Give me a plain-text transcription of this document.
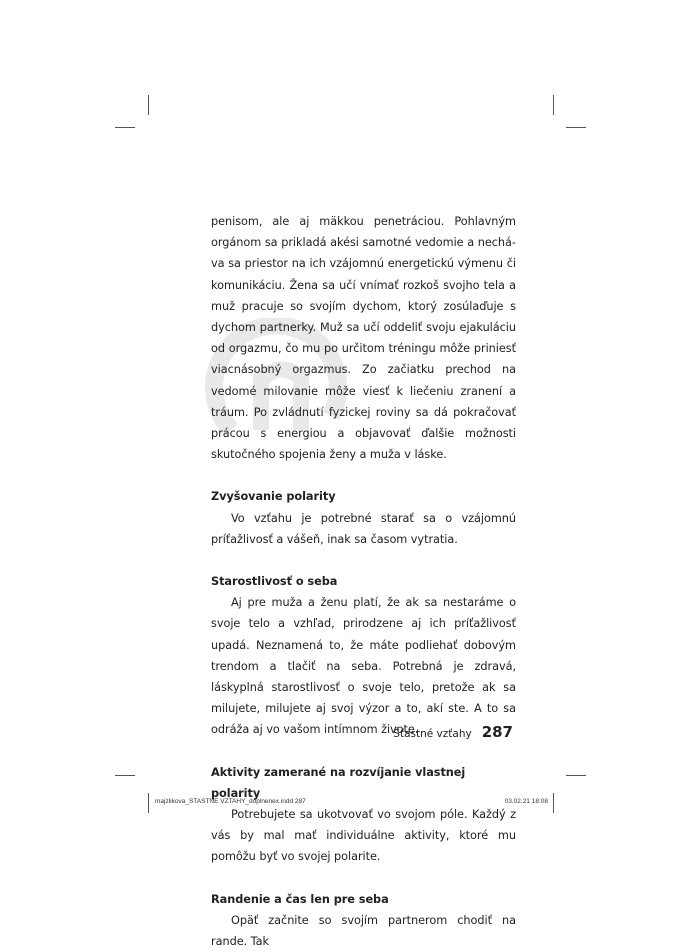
penisom, ale aj mäkkou penetráciou. Pohlavným orgánom sa prikladá akési samotné vedomie a necháva sa priestor na ich vzájomnú energetickú výmenu či komunikáciu. Žena sa učí vnímať rozkoš svojho tela a muž pracuje so svojím dychom, ktorý zosúlaďuje s dychom partnerky. Muž sa učí oddeliť svoju ejakuláciu od orgazmu, čo mu po určitom tréningu môže priniesť viacnásobný orgazmus. Zo začiatku prechod na vedomé milovanie môže viesť k liečeniu zranení a tráum. Po zvládnutí fyzickej roviny sa dá pokračovať prácou s energiou a objavovať ďalšie možnosti skutočného spojenia ženy a muža v láske.

Zvyšovanie polarity

Vo vzťahu je potrebné starať sa o vzájomnú príťažlivosť a vášeň, inak sa časom vytratia.

Starostlivosť o seba

Aj pre muža a ženu platí, že ak sa nestaráme o svoje telo a vzhľad, prirodzene aj ich príťažlivosť upadá. Neznamená to, že máte podliehať dobovým trendom a tlačiť na seba. Potrebná je zdravá, láskyplná starostlivosť o svoje telo, pretože ak sa milujete, milujete aj svoj výzor a to, akí ste. A to sa odráža aj vo vašom intímnom živote.

Aktivity zamerané na rozvíjanie vlastnej polarity

Potrebujete sa ukotvovať vo svojom póle. Každý z vás by mal mať individuálne aktivity, ktoré mu pomôžu byť vo svojej polarite.

Randenie a čas len pre seba

Opäť začnite so svojím partnerom chodiť na rande. Tak

Šťastné vzťahy 287
majzlikova_STASTNE VZTAHY_doplnenex.indd 287	03.02.21 18:08
